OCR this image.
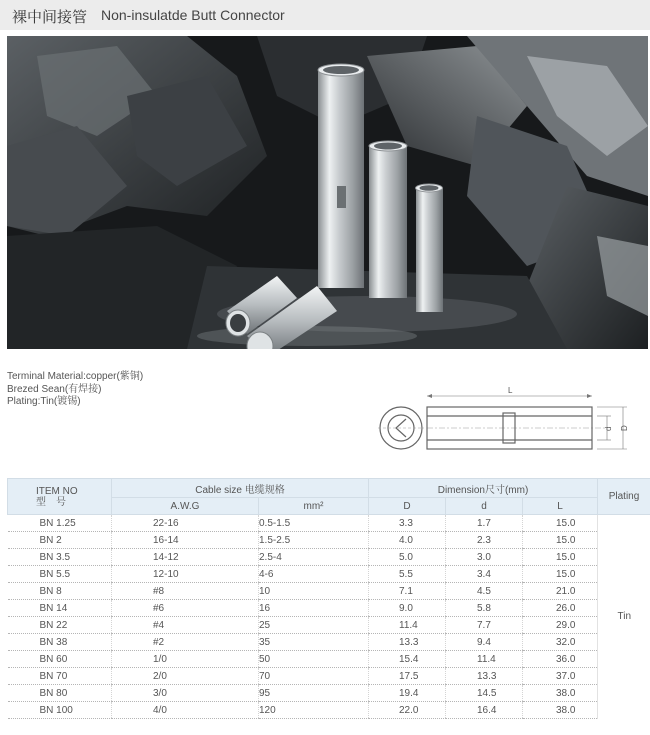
裸中间接管 Non-insulatde Butt Connector
Terminal Material:copper(紫铜)
Brezed Sean(有焊接)
Plating:Tin(镀锡)
L
d D
ITEM NO
型　号	Cable size 电缆规格		Dimension尺寸(mm)			Plating
	A.W.G	mm²	D	d	L	
BN 1.25	22-16	0.5-1.5	3.3	1.7	15.0	Tin
BN 2	16-14	1.5-2.5	4.0	2.3	15.0	
BN 3.5	14-12	2.5-4	5.0	3.0	15.0	
BN 5.5	12-10	4-6	5.5	3.4	15.0	
BN 8	#8	10	7.1	4.5	21.0	
BN 14	#6	16	9.0	5.8	26.0	
BN 22	#4	25	11.4	7.7	29.0	
BN 38	#2	35	13.3	9.4	32.0	
BN 60	1/0	50	15.4	11.4	36.0	
BN 70	2/0	70	17.5	13.3	37.0	
BN 80	3/0	95	19.4	14.5	38.0	
BN 100	4/0	120	22.0	16.4	38.0	
